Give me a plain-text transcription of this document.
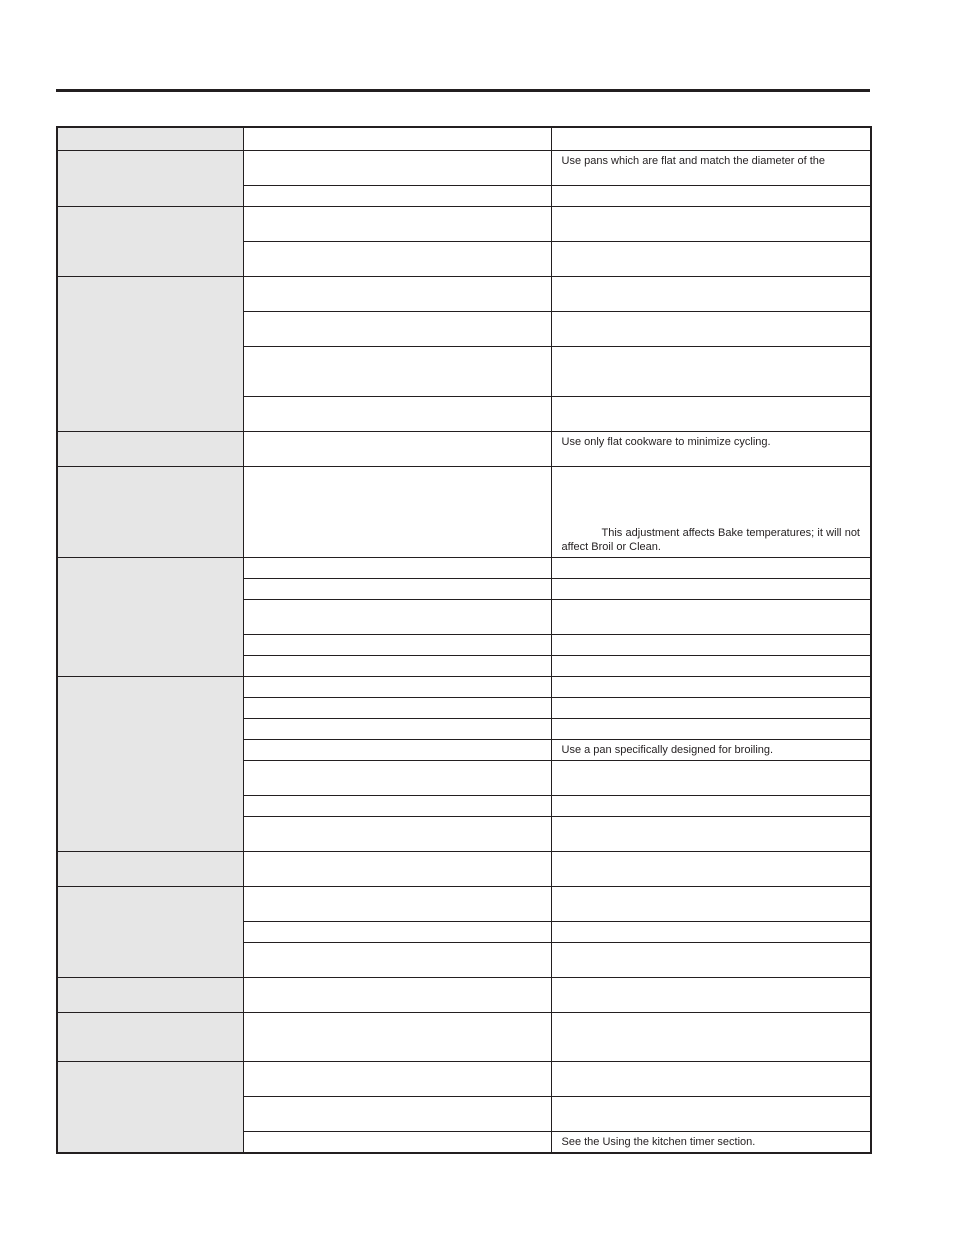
		Use pans which are flat and match the diameter of the

		Use only flat cookware to minimize cycling.

		This adjustment affects Bake temperatures; it will not affect Broil or Clean.

		Use a pan specifically designed for broiling.

		See the Using the kitchen timer section.
